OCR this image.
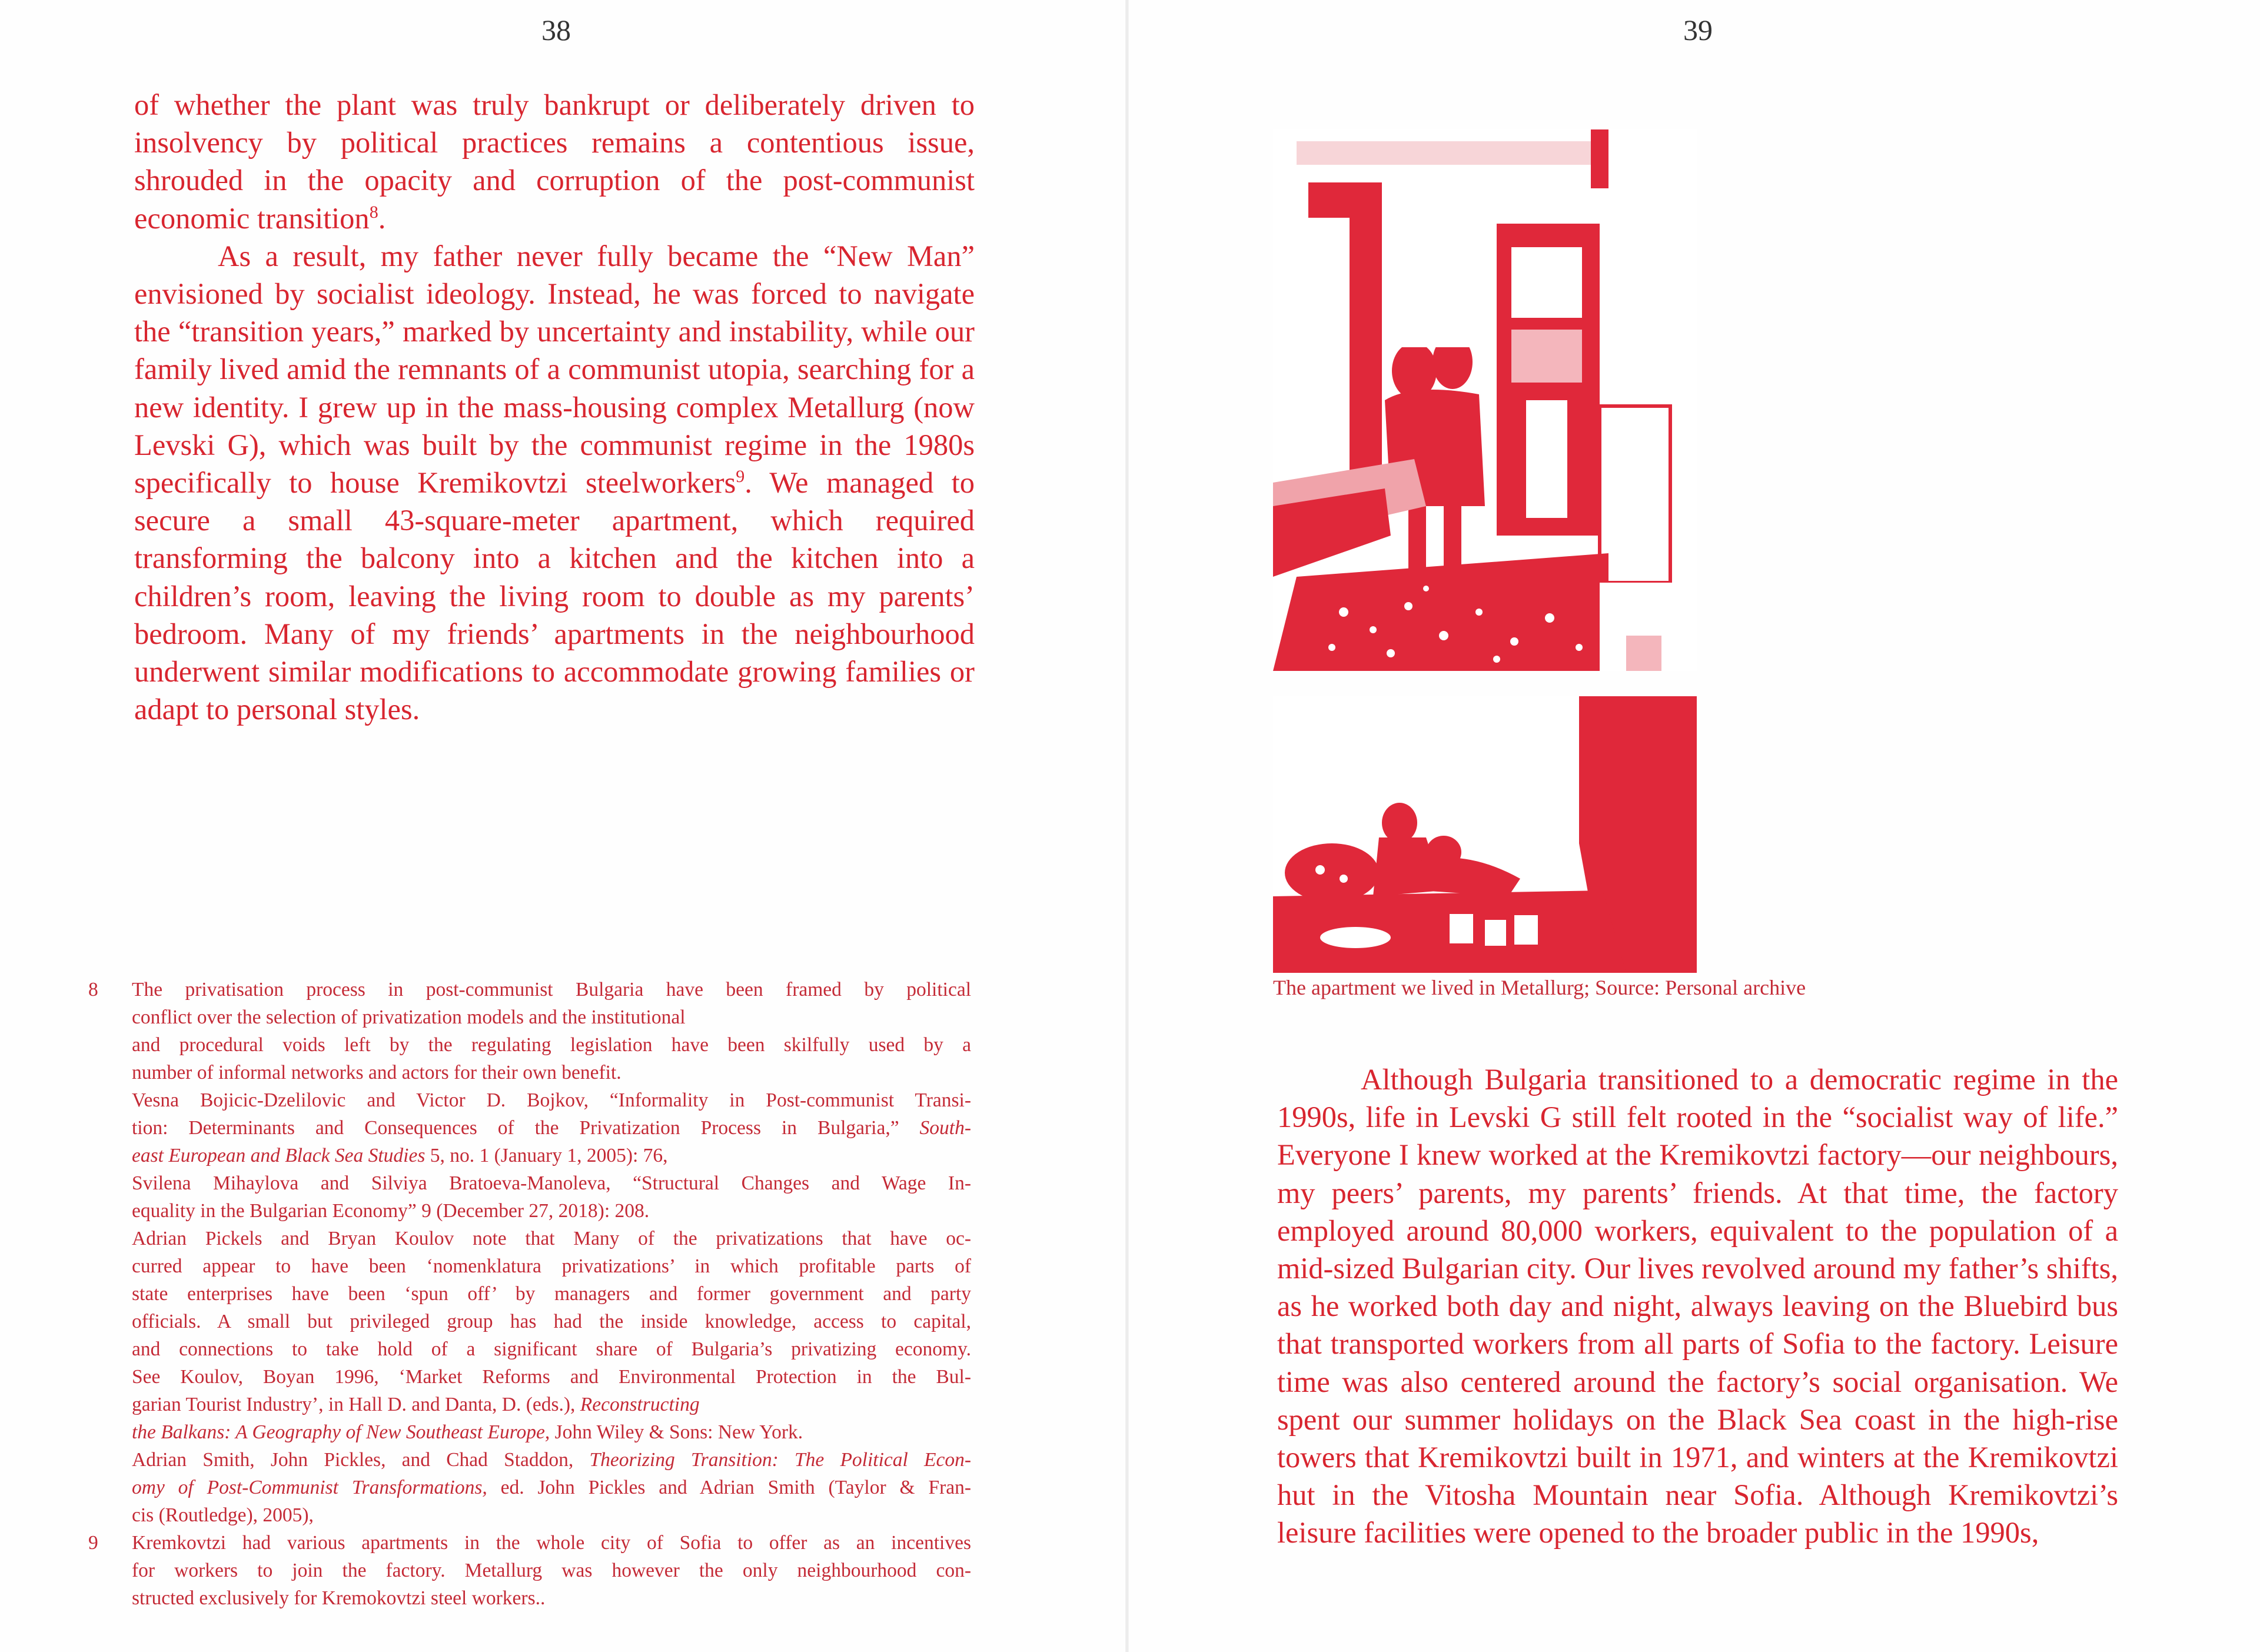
38	39

of whether the plant was truly bankrupt or deliberately driven to insolvency by political practices remains a contentious issue, shrouded in the opacity and corruption of the post-communist economic transition$^8$.

As a result, my father never fully became the “New Man” envisioned by socialist ideology. Instead, he was forced to navigate the “transition years,” marked by uncertainty and instability, while our family lived amid the remnants of a communist utopia, searching for a new identity. I grew up in the mass-housing complex Metallurg (now Levski G), which was built by the communist regime in the 1980s specifically to house Kremikovtzi steelworkers$^9$. We managed to secure a small 43-square-meter apartment, which required transforming the balcony into a kitchen and the kitchen into a children’s room, leaving the living room to double as my parents’ bedroom. Many of my friends’ apartments in the neighbourhood underwent similar modifications to accommodate growing families or adapt to personal styles.

8	The privatisation process in post-communist Bulgaria have been framed by political
conflict over the selection of privatization models and the institutional
and procedural voids left by the regulating legislation have been skilfully used by a
number of informal networks and actors for their own benefit.
Vesna Bojicic-Dzelilovic and Victor D. Bojkov, “Informality in Post-communist Transi-
tion: Determinants and Consequences of the Privatization Process in Bulgaria,” South-
east European and Black Sea Studies 5, no. 1 (January 1, 2005): 76,
Svilena Mihaylova and Silviya Bratoeva-Manoleva, “Structural Changes and Wage In-
equality in the Bulgarian Economy” 9 (December 27, 2018): 208.
Adrian Pickels and Bryan Koulov note that Many of the privatizations that have oc-
curred appear to have been ‘nomenklatura privatizations’ in which profitable parts of
state enterprises have been ‘spun off’ by managers and former government and party
officials. A small but privileged group has had the inside knowledge, access to capital,
and connections to take hold of a significant share of Bulgaria’s privatizing economy.
See Koulov, Boyan 1996, ‘Market Reforms and Environmental Protection in the Bul-
garian Tourist Industry’, in Hall D. and Danta, D. (eds.), Reconstructing
the Balkans: A Geography of New Southeast Europe, John Wiley & Sons: New York.
Adrian Smith, John Pickles, and Chad Staddon, Theorizing Transition: The Political Econ-
omy of Post-Communist Transformations, ed. John Pickles and Adrian Smith (Taylor & Fran-
cis (Routledge), 2005),
9	Kremkovtzi had various apartments in the whole city of Sofia to offer as an incentives
for workers to join the factory. Metallurg was however the only neighbourhood con-
structed exclusively for Kremokovtzi steel workers..
The apartment we lived in Metallurg; Source: Personal archive

Although Bulgaria transitioned to a democratic regime in the 1990s, life in Levski G still felt rooted in the “socialist way of life.” Everyone I knew worked at the Kremikovtzi factory—our neighbours, my peers’ parents, my parents’ friends. At that time, the factory employed around 80,000 workers, equivalent to the population of a mid-sized Bulgarian city. Our lives revolved around my father’s shifts, as he worked both day and night, always leaving on the Bluebird bus that transported workers from all parts of Sofia to the factory. Leisure time was also centered around the factory’s social organisation. We spent our summer holidays on the Black Sea coast in the high-rise towers that Kremikovtzi built in 1971, and winters at the Kremikovtzi hut in the Vitosha Mountain near Sofia. Although Kremikovtzi’s leisure facilities were opened to the broader public in the 1990s,
